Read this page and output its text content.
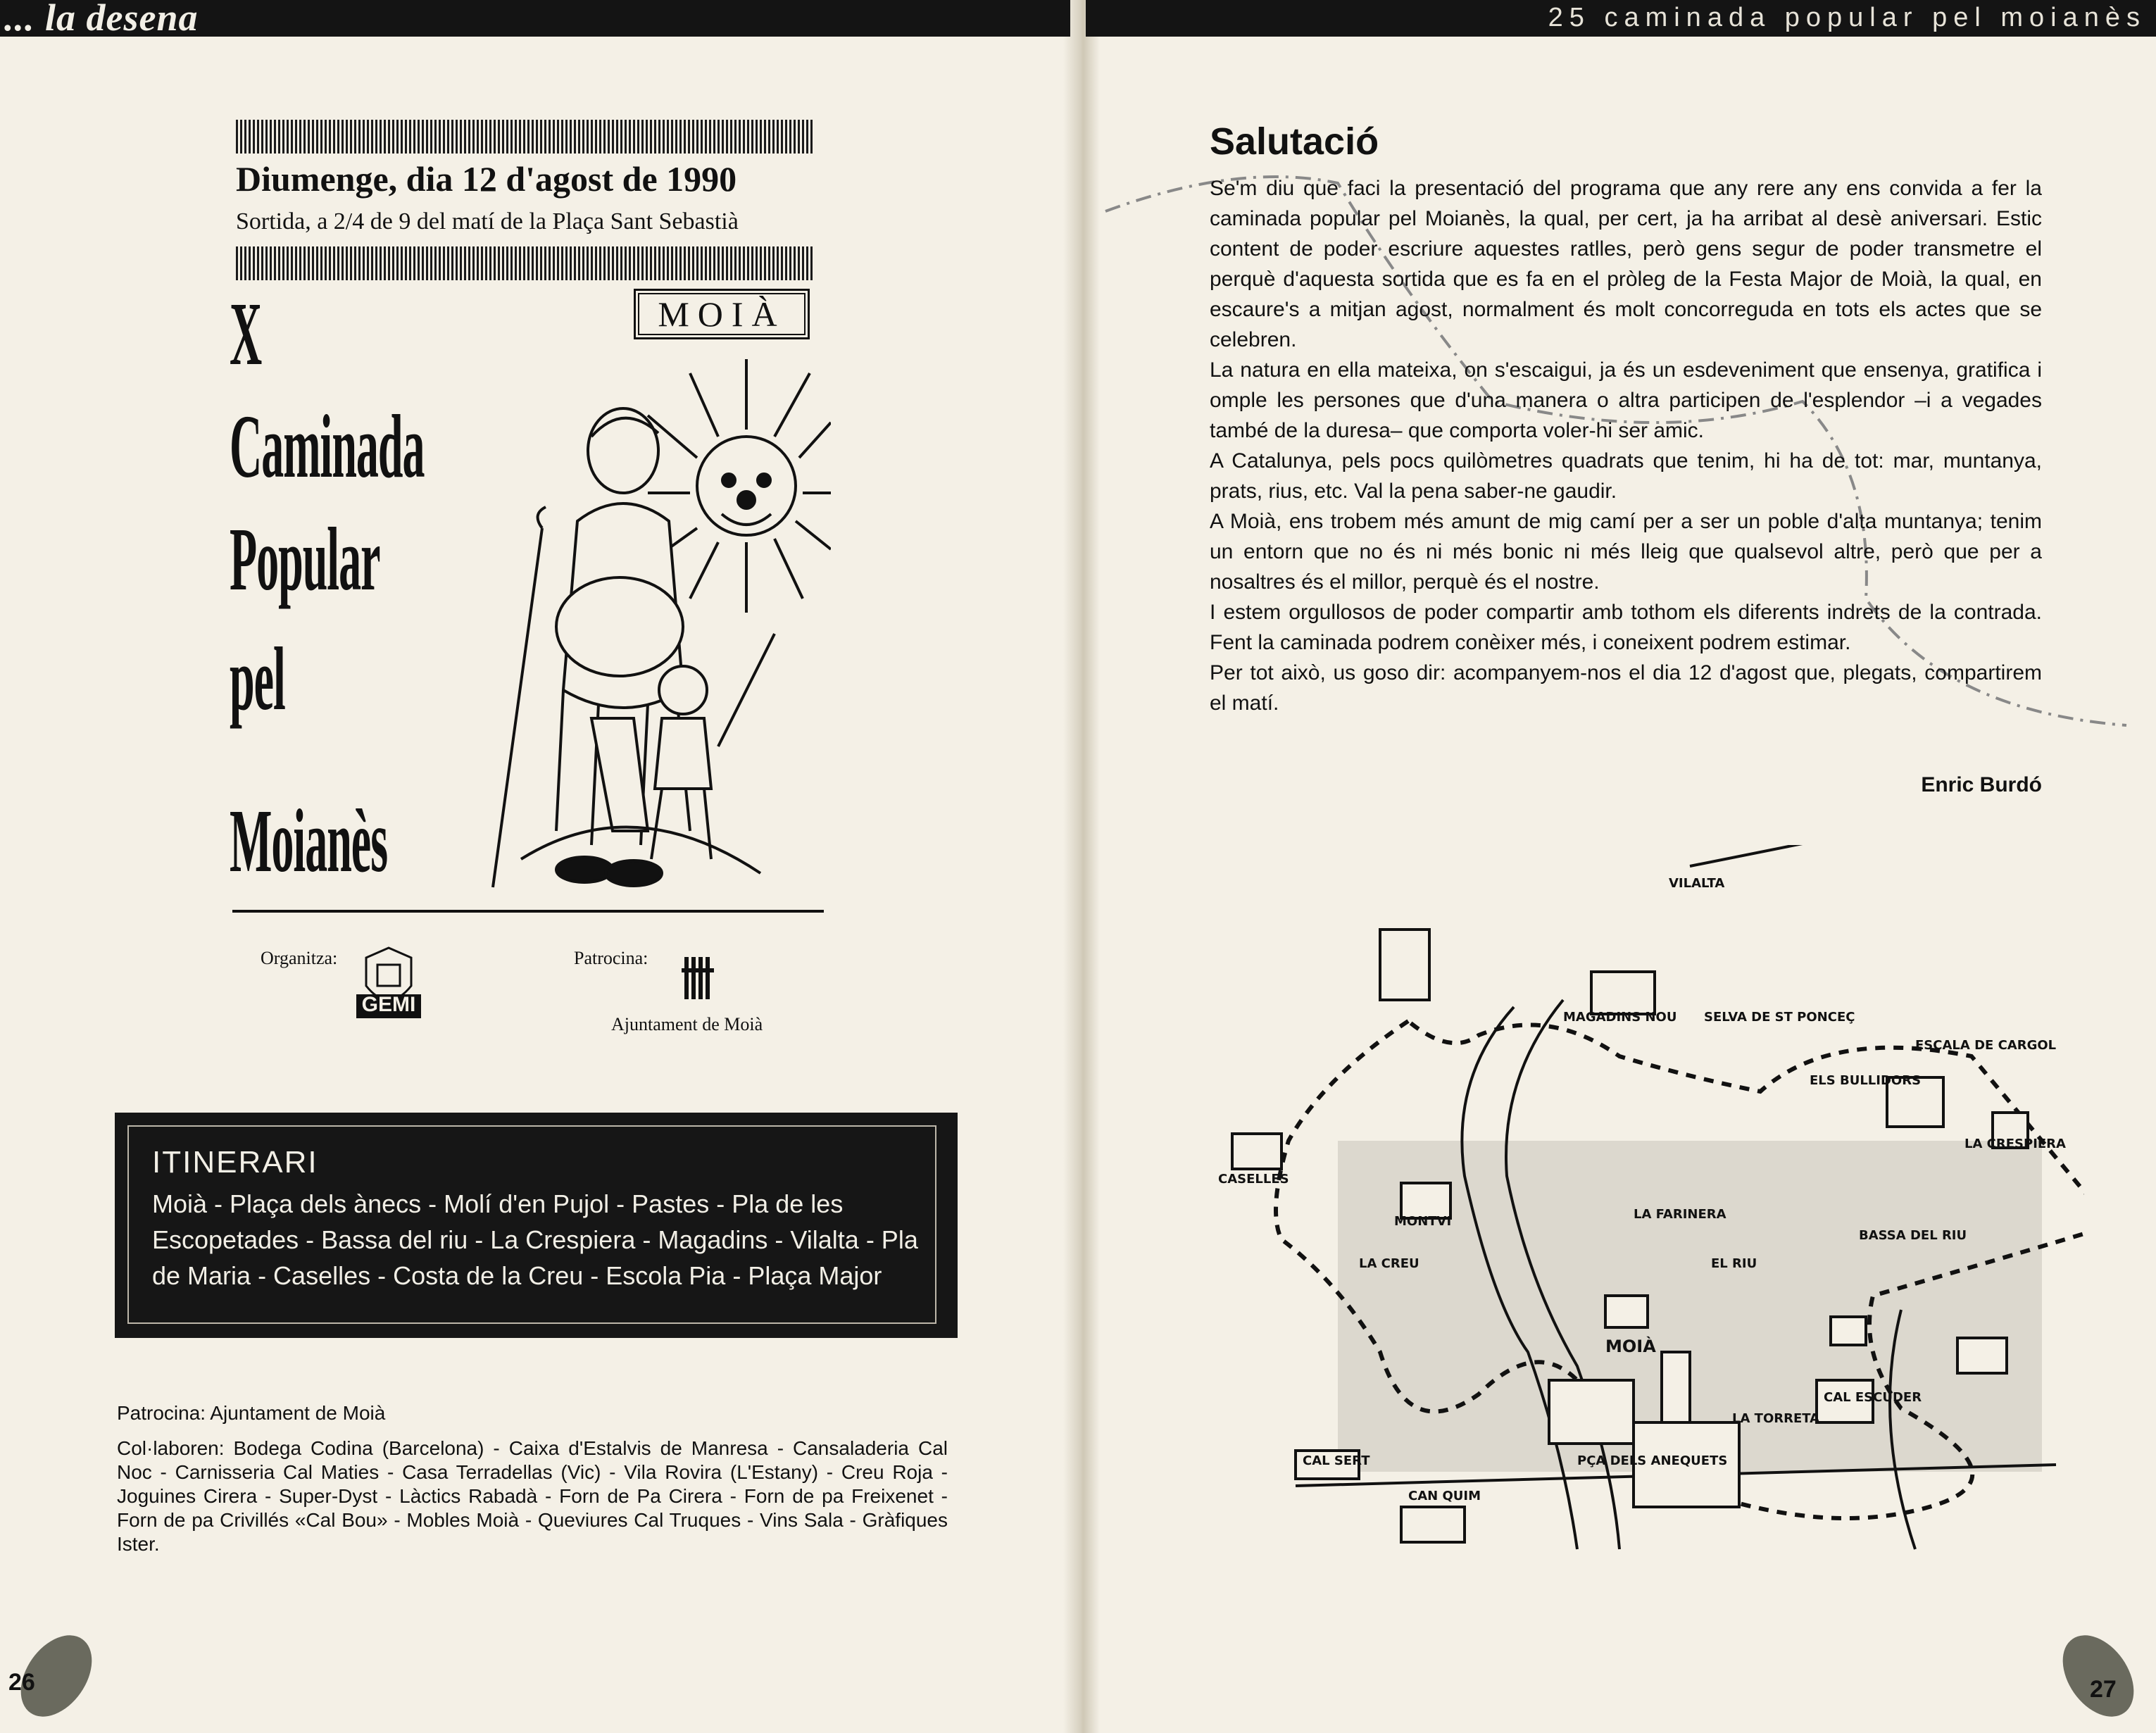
... la desena	25 caminada popular pel moianès
Diumenge, dia 12 d'agost de 1990
Sortida, a 2/4 de 9 del matí de la Plaça Sant Sebastià
MOIÀ
X
Caminada
Popular
pel
Moianès
Organitza:
GEMI
Patrocina:
Ajuntament de Moià
ITINERARI
Moià - Plaça dels ànecs - Molí d'en Pujol - Pastes - Pla de les Escopetades - Bassa del riu - La Crespiera - Magadins - Vilalta - Pla de Maria - Caselles - Costa de la Creu - Escola Pia - Plaça Major
Patrocina: Ajuntament de Moià
Col·laboren: Bodega Codina (Barcelona) - Caixa d'Estalvis de Manresa - Cansaladeria Cal Noc - Carnisseria Cal Maties - Casa Terradellas (Vic) - Vila Rovira (L'Estany) - Creu Roja - Joguines Cirera - Super-Dyst - Làctics Rabadà - Forn de Pa Cirera - Forn de pa Freixenet - Forn de pa Crivillés «Cal Bou» - Mobles Moià - Queviures Cal Truques - Vins Sala - Gràfiques Ister.
26	27
Salutació

Se'm diu que faci la presentació del programa que any rere any ens convida a fer la caminada popular pel Moianès, la qual, per cert, ja ha arribat al desè aniversari. Estic content de poder escriure aquestes ratlles, però gens segur de poder transmetre el perquè d'aquesta sortida que es fa en el pròleg de la Festa Major de Moià, la qual, en escaure's a mitjan agost, normalment és molt concorreguda en tots els actes que se celebren.

La natura en ella mateixa, on s'escaigui, ja és un esdeveniment que ensenya, gratifica i omple les persones que d'una manera o altra participen de l'esplendor –i a vegades també de la duresa– que comporta voler-hi ser amic.

A Catalunya, pels pocs quilòmetres quadrats que tenim, hi ha de tot: mar, muntanya, prats, rius, etc. Val la pena saber-ne gaudir.

A Moià, ens trobem més amunt de mig camí per a ser un poble d'alta muntanya; tenim un entorn que no és ni més bonic ni més lleig que qualsevol altre, però que per a nosaltres és el millor, perquè és el nostre.

I estem orgullosos de poder compartir amb tothom els diferents indrets de la contrada. Fent la caminada podrem conèixer més, i coneixent podrem estimar.

Per tot això, us goso dir: acompanyem-nos el dia 12 d'agost que, plegats, compartirem el matí.

Enric Burdó
CASELLES
MONTVI
MAGADINS NOU SELVA DE ST PONCEÇ
ESCALA DE CARGOL
ELS BULLIDORS
LA CRESPIERA
LA FARINERA
BASSA DEL RIU
EL RIU
LA CREU
MOIÀ
LA TORRETA
CAL ESCUDER
PÇA DELS ANEQUETS
CAL SERT
CAN QUIM
VILALTA
